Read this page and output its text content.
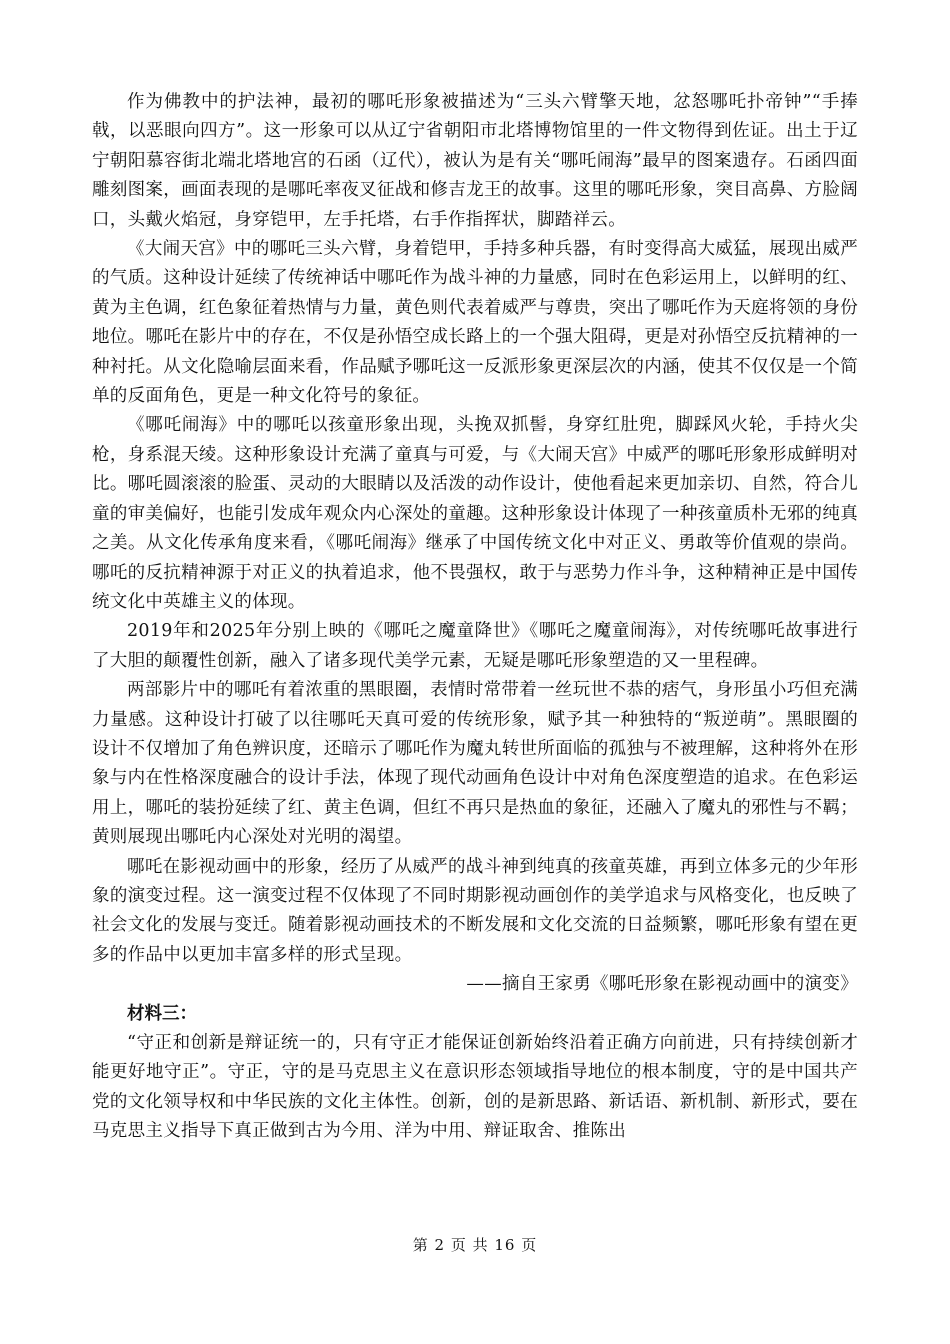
作为佛教中的护法神，最初的哪吒形象被描述为“三头六臂擎天地，忿怒哪吒扑帝钟”“手捧戟，以恶眼向四方”。这一形象可以从辽宁省朝阳市北塔博物馆里的一件文物得到佐证。出土于辽宁朝阳慕容街北端北塔地宫的石函（辽代），被认为是有关“哪吒闹海”最早的图案遗存。石函四面雕刻图案，画面表现的是哪吒率夜叉征战和修吉龙王的故事。这里的哪吒形象，突目高鼻、方脸阔口，头戴火焰冠，身穿铠甲，左手托塔，右手作指挥状，脚踏祥云。

《大闹天宫》中的哪吒三头六臂，身着铠甲，手持多种兵器，有时变得高大威猛，展现出威严的气质。这种设计延续了传统神话中哪吒作为战斗神的力量感，同时在色彩运用上，以鲜明的红、黄为主色调，红色象征着热情与力量，黄色则代表着威严与尊贵，突出了哪吒作为天庭将领的身份地位。哪吒在影片中的存在，不仅是孙悟空成长路上的一个强大阻碍，更是对孙悟空反抗精神的一种衬托。从文化隐喻层面来看，作品赋予哪吒这一反派形象更深层次的内涵，使其不仅仅是一个简单的反面角色，更是一种文化符号的象征。

《哪吒闹海》中的哪吒以孩童形象出现，头挽双抓髻，身穿红肚兜，脚踩风火轮，手持火尖枪，身系混天绫。这种形象设计充满了童真与可爱，与《大闹天宫》中威严的哪吒形象形成鲜明对比。哪吒圆滚滚的脸蛋、灵动的大眼睛以及活泼的动作设计，使他看起来更加亲切、自然，符合儿童的审美偏好，也能引发成年观众内心深处的童趣。这种形象设计体现了一种孩童质朴无邪的纯真之美。从文化传承角度来看，《哪吒闹海》继承了中国传统文化中对正义、勇敢等价值观的崇尚。哪吒的反抗精神源于对正义的执着追求，他不畏强权，敢于与恶势力作斗争，这种精神正是中国传统文化中英雄主义的体现。

2019年和2025年分别上映的《哪吒之魔童降世》《哪吒之魔童闹海》，对传统哪吒故事进行了大胆的颠覆性创新，融入了诸多现代美学元素，无疑是哪吒形象塑造的又一里程碑。

两部影片中的哪吒有着浓重的黑眼圈，表情时常带着一丝玩世不恭的痞气，身形虽小巧但充满力量感。这种设计打破了以往哪吒天真可爱的传统形象，赋予其一种独特的“叛逆萌”。黑眼圈的设计不仅增加了角色辨识度，还暗示了哪吒作为魔丸转世所面临的孤独与不被理解，这种将外在形象与内在性格深度融合的设计手法，体现了现代动画角色设计中对角色深度塑造的追求。在色彩运用上，哪吒的装扮延续了红、黄主色调，但红不再只是热血的象征，还融入了魔丸的邪性与不羁；黄则展现出哪吒内心深处对光明的渴望。

哪吒在影视动画中的形象，经历了从威严的战斗神到纯真的孩童英雄，再到立体多元的少年形象的演变过程。这一演变过程不仅体现了不同时期影视动画创作的美学追求与风格变化，也反映了社会文化的发展与变迁。随着影视动画技术的不断发展和文化交流的日益频繁，哪吒形象有望在更多的作品中以更加丰富多样的形式呈现。

——摘自王家勇《哪吒形象在影视动画中的演变》

材料三：

“守正和创新是辩证统一的，只有守正才能保证创新始终沿着正确方向前进，只有持续创新才能更好地守正”。守正，守的是马克思主义在意识形态领域指导地位的根本制度，守的是中国共产党的文化领导权和中华民族的文化主体性。创新，创的是新思路、新话语、新机制、新形式，要在马克思主义指导下真正做到古为今用、洋为中用、辩证取舍、推陈出

第 2 页 共 16 页
